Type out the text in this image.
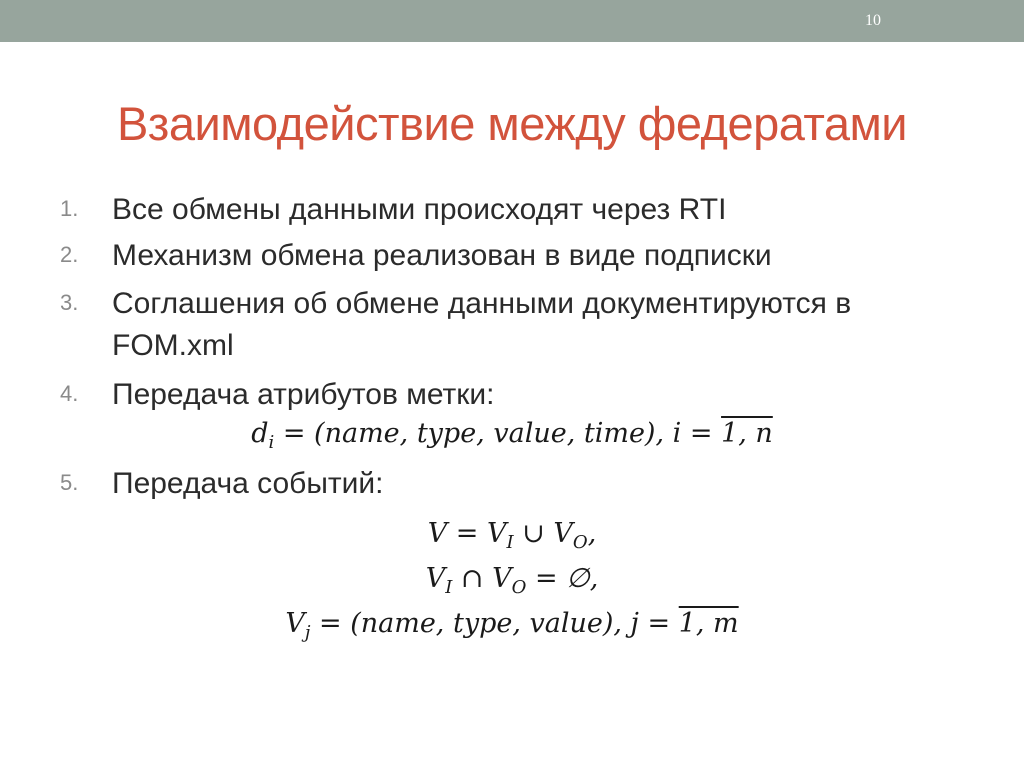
10
Взаимодействие между федератами
1.	Все обмены данными происходят через RTI
2.	Механизм обмена реализован в виде подписки
3.	Соглашения об обмене данными документируются в
FOM.xml
4.	Передача атрибутов метки:
5.	Передача событий:
$d_i$ = (name, type, value, time), i = 1, n
$V = V_I$ ∪ $V_O$,
$V_I$ ∩ $V_O$ = ∅,
$V_j$ = (name, type, value), j = 1, m
